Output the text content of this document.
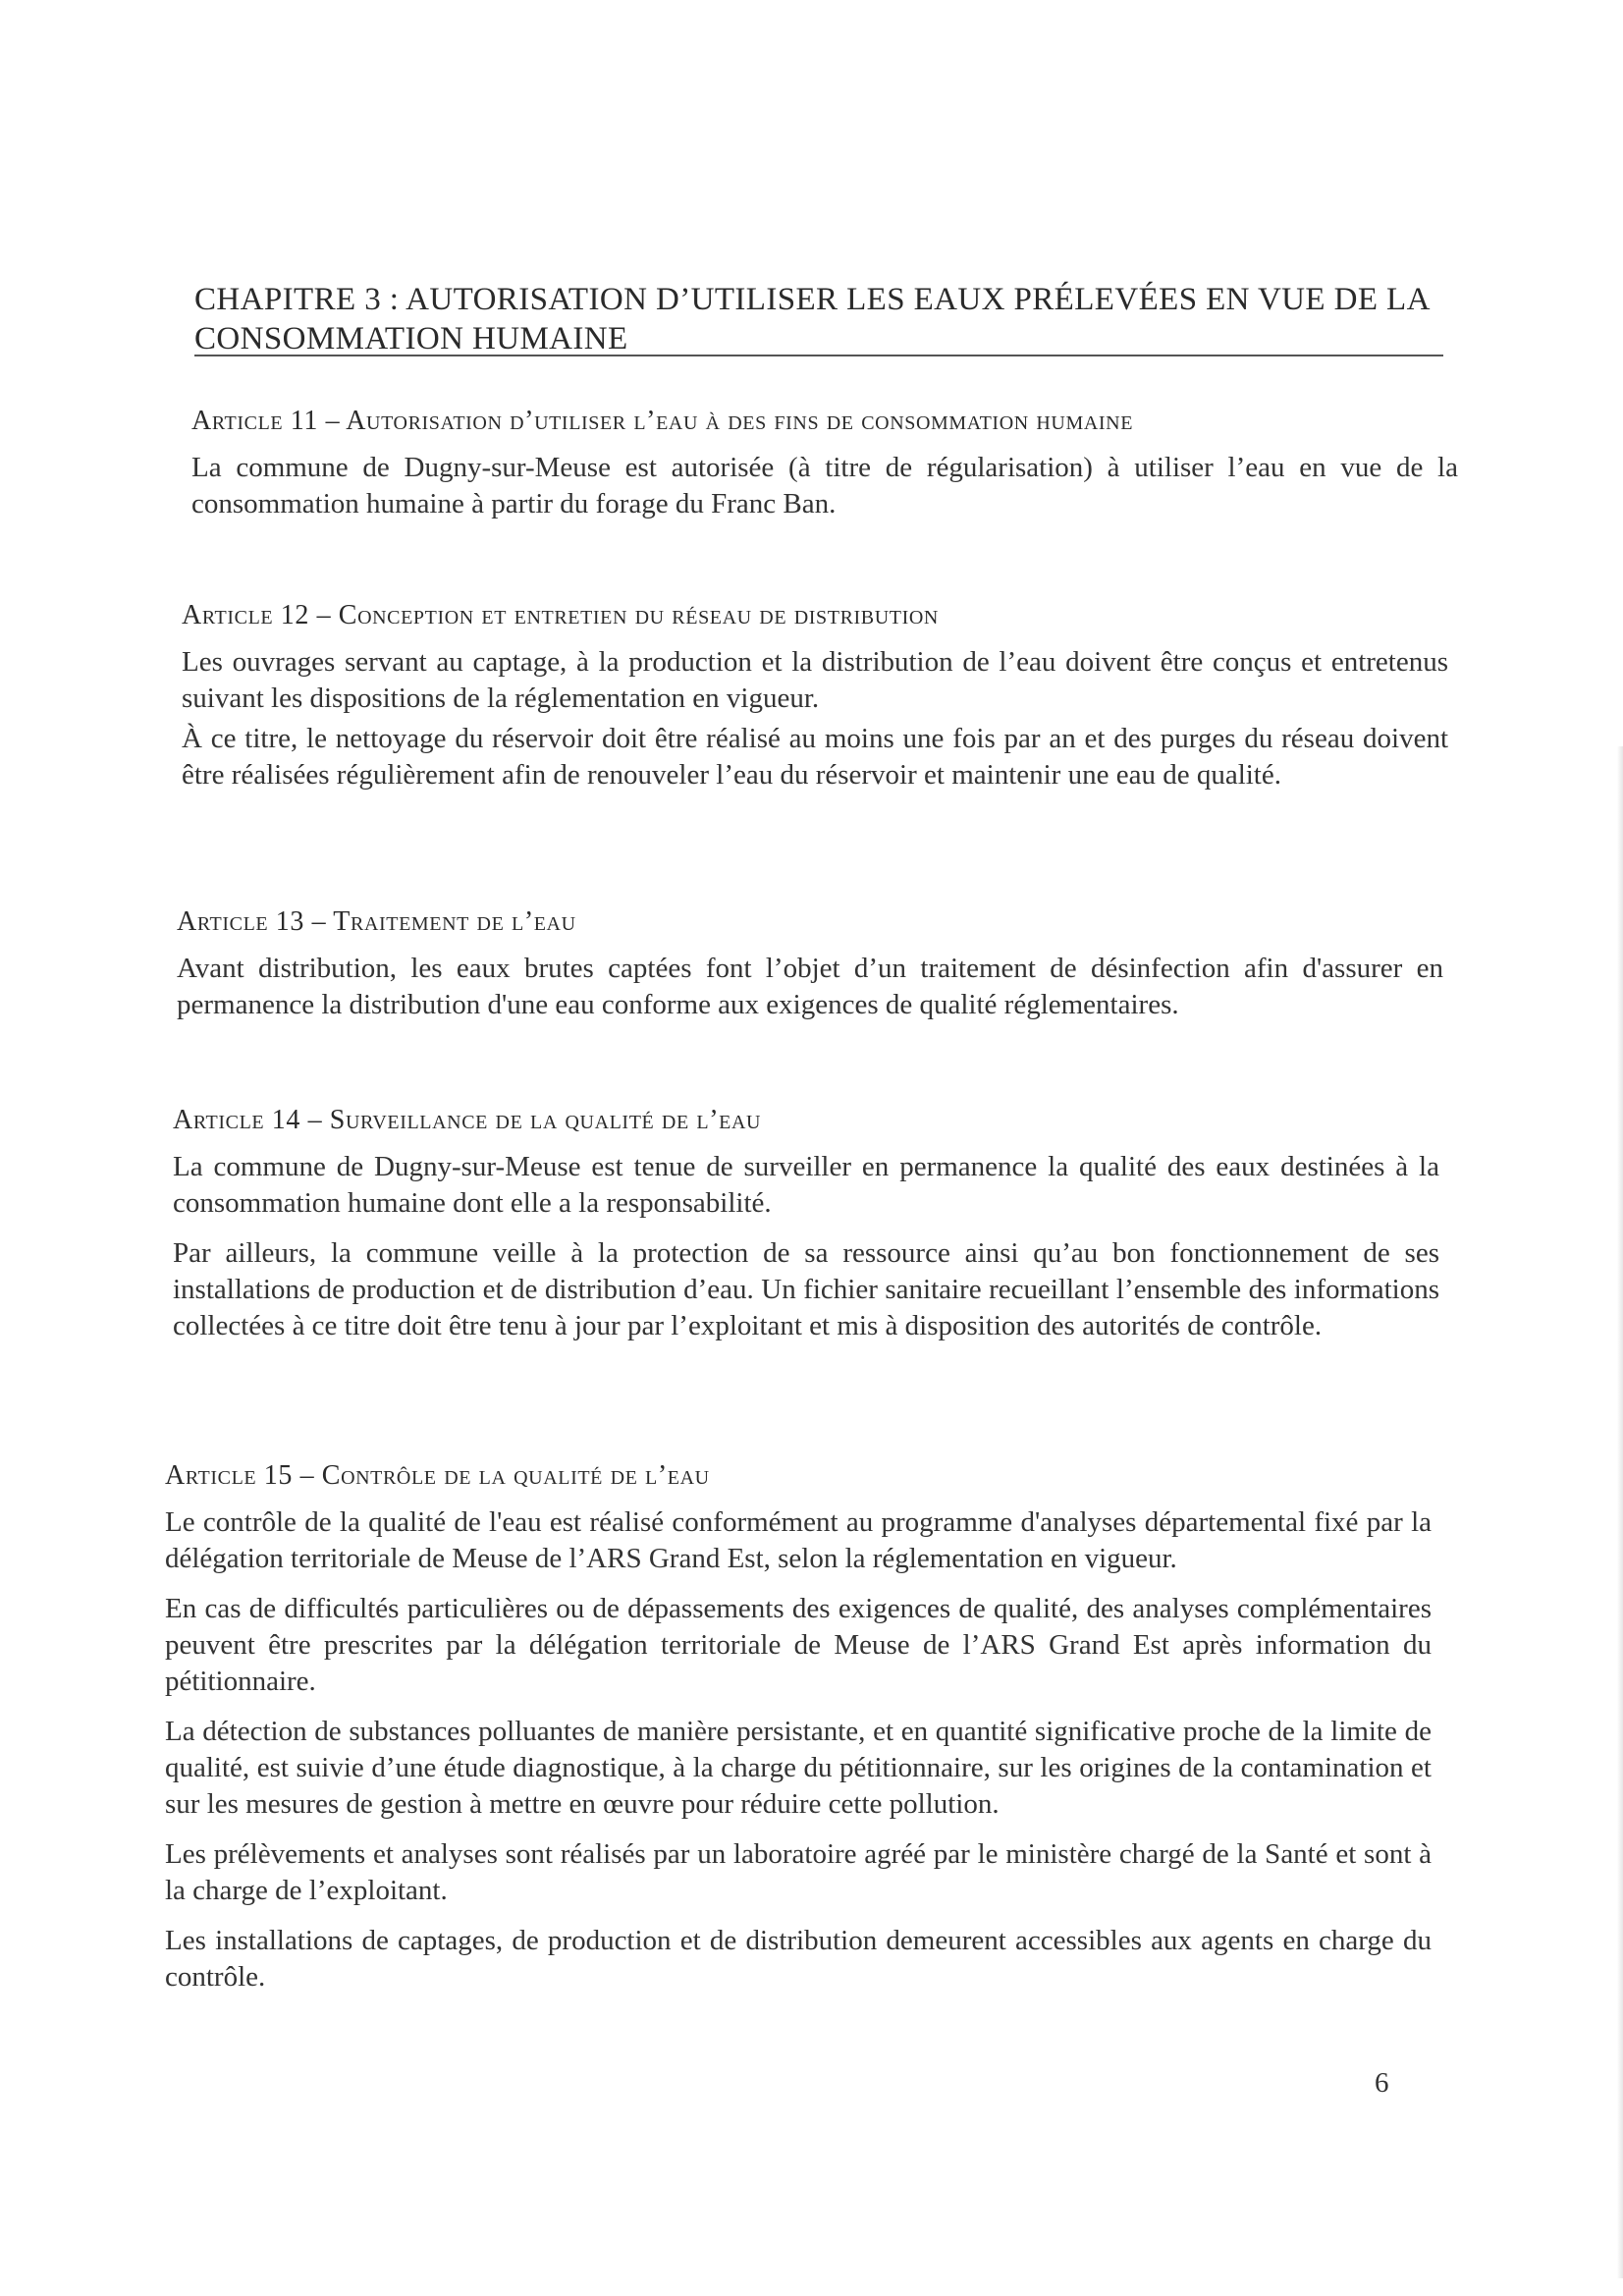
CHAPITRE 3 : AUTORISATION D’UTILISER LES EAUX PRÉLEVÉES EN VUE DE LA CONSOMMATION HUMAINE
Article 11 – Autorisation d’utiliser l’eau à des fins de consommation humaine

La commune de Dugny-sur-Meuse est autorisée (à titre de régularisation) à utiliser l’eau en vue de la consommation humaine à partir du forage du Franc Ban.

Article 12 – Conception et entretien du réseau de distribution

Les ouvrages servant au captage, à la production et la distribution de l’eau doivent être conçus et entretenus suivant les dispositions de la réglementation en vigueur.

À ce titre, le nettoyage du réservoir doit être réalisé au moins une fois par an et des purges du réseau doivent être réalisées régulièrement afin de renouveler l’eau du réservoir et maintenir une eau de qualité.

Article 13 – Traitement de l’eau

Avant distribution, les eaux brutes captées font l’objet d’un traitement de désinfection afin d'assurer en permanence la distribution d'une eau conforme aux exigences de qualité réglementaires.

Article 14 – Surveillance de la qualité de l’eau

La commune de Dugny-sur-Meuse est tenue de surveiller en permanence la qualité des eaux destinées à la consommation humaine dont elle a la responsabilité.

Par ailleurs, la commune veille à la protection de sa ressource ainsi qu’au bon fonctionnement de ses installations de production et de distribution d’eau. Un fichier sanitaire recueillant l’ensemble des informations collectées à ce titre doit être tenu à jour par l’exploitant et mis à disposition des autorités de contrôle.

Article 15 – Contrôle de la qualité de l’eau

Le contrôle de la qualité de l'eau est réalisé conformément au programme d'analyses départemental fixé par la délégation territoriale de Meuse de l’ARS Grand Est, selon la réglementation en vigueur.

En cas de difficultés particulières ou de dépassements des exigences de qualité, des analyses complémentaires peuvent être prescrites par la délégation territoriale de Meuse de l’ARS Grand Est après information du pétitionnaire.

La détection de substances polluantes de manière persistante, et en quantité significative proche de la limite de qualité, est suivie d’une étude diagnostique, à la charge du pétitionnaire, sur les origines de la contamination et sur les mesures de gestion à mettre en œuvre pour réduire cette pollution.

Les prélèvements et analyses sont réalisés par un laboratoire agréé par le ministère chargé de la Santé et sont à la charge de l’exploitant.

Les installations de captages, de production et de distribution demeurent accessibles aux agents en charge du contrôle.

6
